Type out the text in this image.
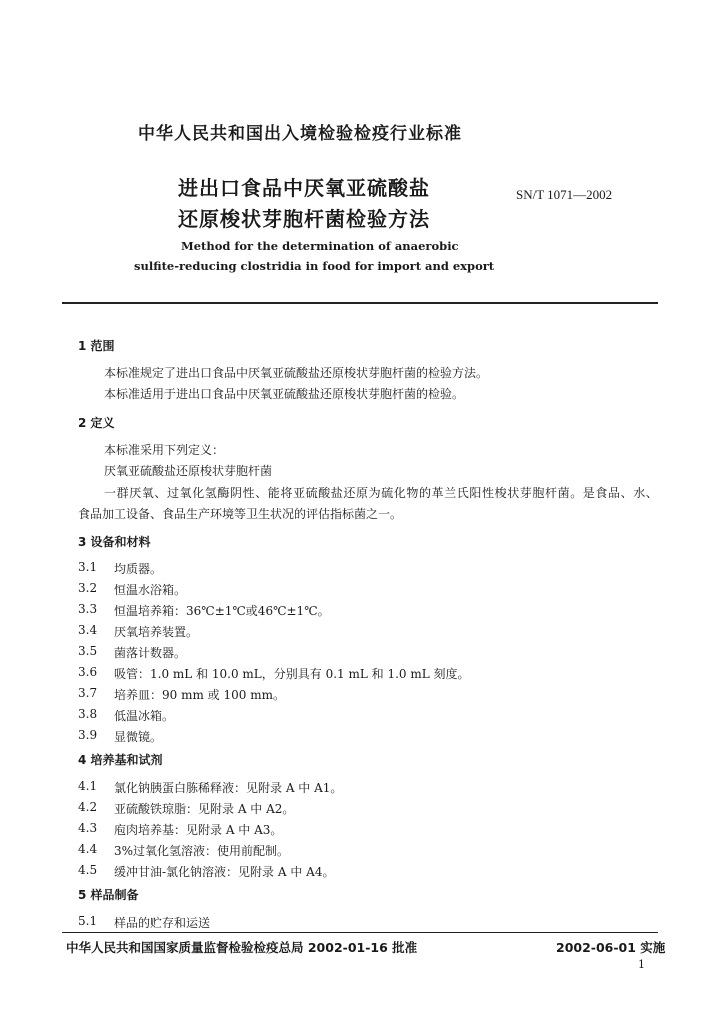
中华人民共和国出入境检验检疫行业标准
进出口食品中厌氧亚硫酸盐
还原梭状芽胞杆菌检验方法
SN/T 1071—2002
Method for the determination of anaerobic
sulfite-reducing clostridia in food for import and export
1 范围
本标准规定了进出口食品中厌氧亚硫酸盐还原梭状芽胞杆菌的检验方法。
本标准适用于进出口食品中厌氧亚硫酸盐还原梭状芽胞杆菌的检验。
2 定义
本标准采用下列定义：
厌氧亚硫酸盐还原梭状芽胞杆菌
一群厌氧、过氧化氢酶阴性、能将亚硫酸盐还原为硫化物的革兰氏阳性梭状芽胞杆菌。是食品、水、
食品加工设备、食品生产环境等卫生状况的评估指标菌之一。
3 设备和材料
3.1 均质器。
3.2 恒温水浴箱。
3.3 恒温培养箱：36℃±1℃或46℃±1℃。
3.4 厌氧培养装置。
3.5 菌落计数器。
3.6 吸管：1.0 mL 和 10.0 mL，分别具有 0.1 mL 和 1.0 mL 刻度。
3.7 培养皿：90 mm 或 100 mm。
3.8 低温冰箱。
3.9 显微镜。
4 培养基和试剂
4.1 氯化钠胰蛋白胨稀释液：见附录 A 中 A1。
4.2 亚硫酸铁琼脂：见附录 A 中 A2。
4.3 庖肉培养基：见附录 A 中 A3。
4.4 3%过氧化氢溶液：使用前配制。
4.5 缓冲甘油-氯化钠溶液：见附录 A 中 A4。
5 样品制备
5.1 样品的贮存和运送
中华人民共和国国家质量监督检验检疫总局 2002-01-16 批准	2002-06-01 实施
1
